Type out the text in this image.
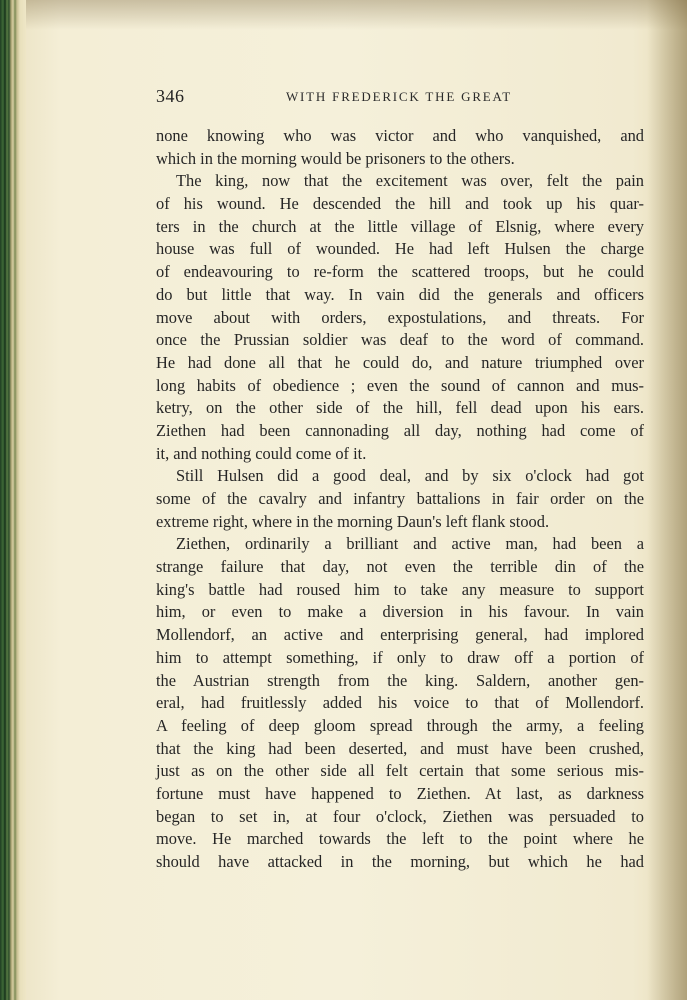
346	WITH FREDERICK THE GREAT
none knowing who was victor and who vanquished, and
which in the morning would be prisoners to the others.
The king, now that the excitement was over, felt the pain
of his wound. He descended the hill and took up his quar-
ters in the church at the little village of Elsnig, where every
house was full of wounded. He had left Hulsen the charge
of endeavouring to re-form the scattered troops, but he could
do but little that way. In vain did the generals and officers
move about with orders, expostulations, and threats. For
once the Prussian soldier was deaf to the word of command.
He had done all that he could do, and nature triumphed over
long habits of obedience ; even the sound of cannon and mus-
ketry, on the other side of the hill, fell dead upon his ears.
Ziethen had been cannonading all day, nothing had come of
it, and nothing could come of it.
Still Hulsen did a good deal, and by six o'clock had got
some of the cavalry and infantry battalions in fair order on the
extreme right, where in the morning Daun's left flank stood.
Ziethen, ordinarily a brilliant and active man, had been a
strange failure that day, not even the terrible din of the
king's battle had roused him to take any measure to support
him, or even to make a diversion in his favour. In vain
Mollendorf, an active and enterprising general, had implored
him to attempt something, if only to draw off a portion of
the Austrian strength from the king. Saldern, another gen-
eral, had fruitlessly added his voice to that of Mollendorf.
A feeling of deep gloom spread through the army, a feeling
that the king had been deserted, and must have been crushed,
just as on the other side all felt certain that some serious mis-
fortune must have happened to Ziethen. At last, as darkness
began to set in, at four o'clock, Ziethen was persuaded to
move. He marched towards the left to the point where he
should have attacked in the morning, but which he had
